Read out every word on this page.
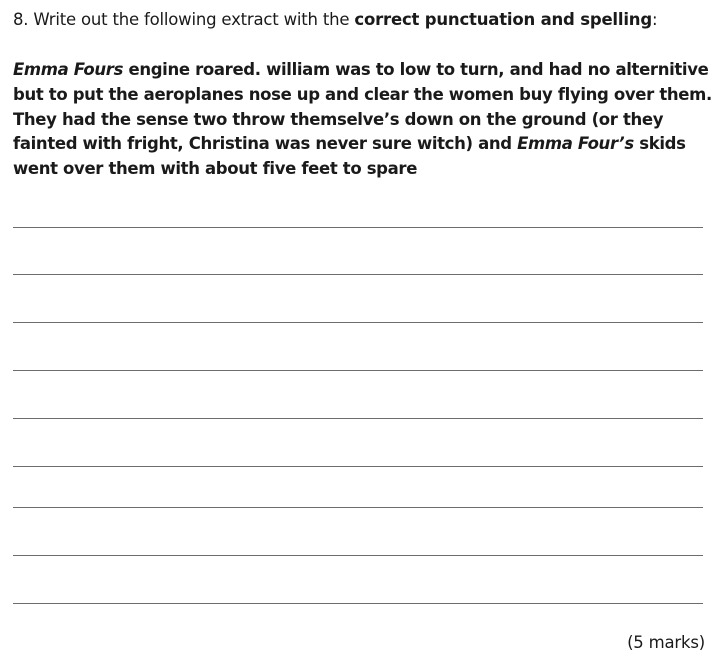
8. Write out the following extract with the correct punctuation and spelling:
Emma Fours engine roared. william was to low to turn, and had no alternitive
but to put the aeroplanes nose up and clear the women buy flying over them.
They had the sense two throw themselve’s down on the ground (or they
fainted with fright, Christina was never sure witch) and Emma Four’s skids
went over them with about five feet to spare
(5 marks)
